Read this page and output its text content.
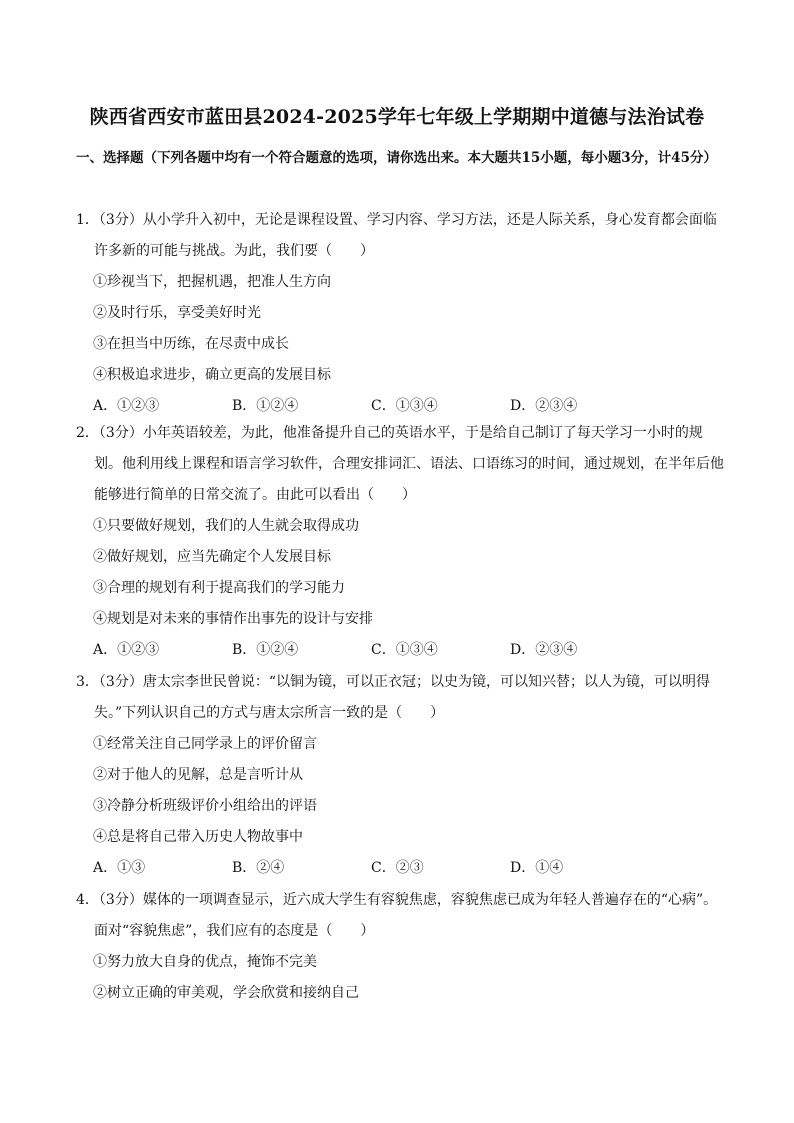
陕西省西安市蓝田县2024-2025学年七年级上学期期中道德与法治试卷
一、选择题（下列各题中均有一个符合题意的选项，请你选出来。本大题共15小题，每小题3分，计45分）
1．（3分）从小学升入初中，无论是课程设置、学习内容、学习方法，还是人际关系，身心发育都会面临许多新的可能与挑战。为此，我们要（　　）
①珍视当下，把握机遇，把准人生方向
②及时行乐，享受美好时光
③在担当中历练，在尽责中成长
④积极追求进步，确立更高的发展目标
A．①②③	B．①②④	C．①③④	D．②③④
2．（3分）小年英语较差，为此，他准备提升自己的英语水平，于是给自己制订了每天学习一小时的规划。他利用线上课程和语言学习软件，合理安排词汇、语法、口语练习的时间，通过规划，在半年后他能够进行简单的日常交流了。由此可以看出（　　）
①只要做好规划，我们的人生就会取得成功
②做好规划，应当先确定个人发展目标
③合理的规划有利于提高我们的学习能力
④规划是对未来的事情作出事先的设计与安排
A．①②③	B．①②④	C．①③④	D．②③④
3．（3分）唐太宗李世民曾说：“以铜为镜，可以正衣冠；以史为镜，可以知兴替；以人为镜，可以明得失。”下列认识自己的方式与唐太宗所言一致的是（　　）
①经常关注自己同学录上的评价留言
②对于他人的见解，总是言听计从
③冷静分析班级评价小组给出的评语
④总是将自己带入历史人物故事中
A．①③	B．②④	C．②③	D．①④
4．（3分）媒体的一项调查显示，近六成大学生有容貌焦虑，容貌焦虑已成为年轻人普遍存在的“心病”。面对“容貌焦虑”，我们应有的态度是（　　）
①努力放大自身的优点，掩饰不完美
②树立正确的审美观，学会欣赏和接纳自己
